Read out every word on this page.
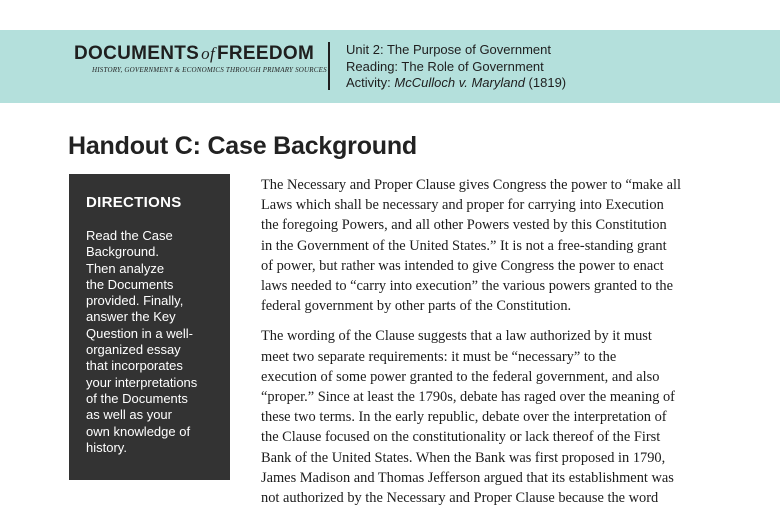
DOCUMENTS of FREEDOM
HISTORY, GOVERNMENT & ECONOMICS THROUGH PRIMARY SOURCES
Unit 2: The Purpose of Government
Reading: The Role of Government
Activity: McCulloch v. Maryland (1819)
Handout C: Case Background
DIRECTIONS
Read the Case
Background.
Then analyze
the Documents
provided. Finally,
answer the Key
Question in a well-
organized essay
that incorporates
your interpretations
of the Documents
as well as your
own knowledge of
history.

The Necessary and Proper Clause gives Congress the power to “make all
Laws which shall be necessary and proper for carrying into Execution
the foregoing Powers, and all other Powers vested by this Constitution
in the Government of the United States.” It is not a free-standing grant
of power, but rather was intended to give Congress the power to enact
laws needed to “carry into execution” the various powers granted to the
federal government by other parts of the Constitution.

The wording of the Clause suggests that a law authorized by it must
meet two separate requirements: it must be “necessary” to the
execution of some power granted to the federal government, and also
“proper.” Since at least the 1790s, debate has raged over the meaning of
these two terms. In the early republic, debate over the interpretation of
the Clause focused on the constitutionality or lack thereof of the First
Bank of the United States. When the Bank was first proposed in 1790,
James Madison and Thomas Jefferson argued that its establishment was
not authorized by the Necessary and Proper Clause because the word
